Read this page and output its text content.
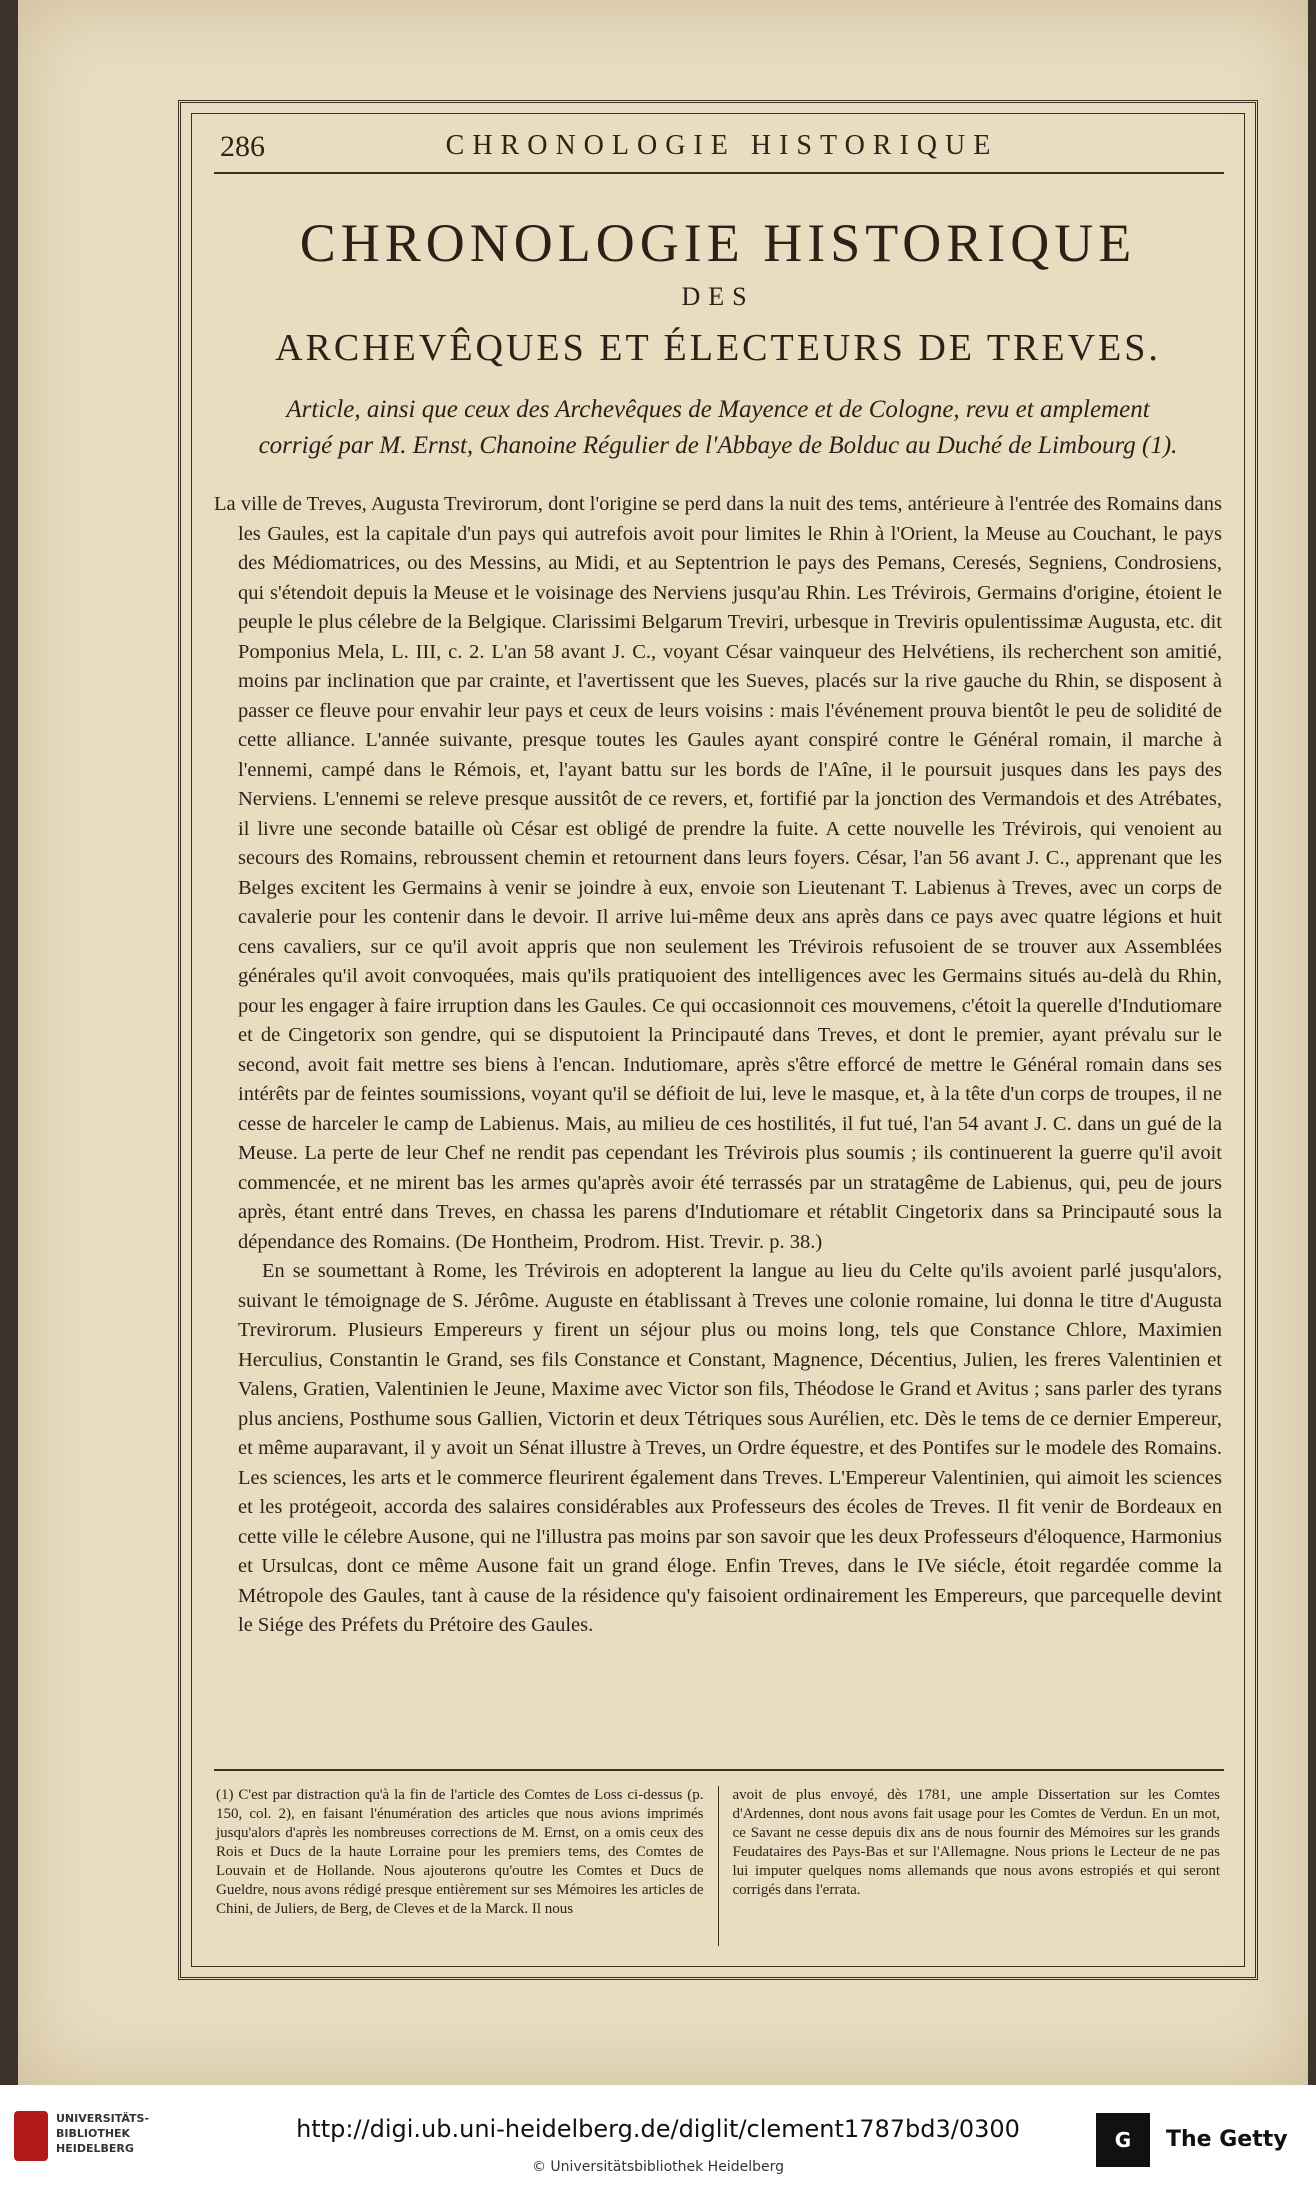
286	CHRONOLOGIE HISTORIQUE
CHRONOLOGIE HISTORIQUE
DES
ARCHEVÊQUES ET ÉLECTEURS DE TREVES.
Article, ainsi que ceux des Archevêques de Mayence et de Cologne, revu et amplement
corrigé par M. Ernst, Chanoine Régulier de l'Abbaye de Bolduc au Duché de Limbourg (1).

La ville de Treves, Augusta Trevirorum, dont l'origine se perd dans la nuit des tems, antérieure à l'entrée des Romains dans les Gaules, est la capitale d'un pays qui autrefois avoit pour limites le Rhin à l'Orient, la Meuse au Couchant, le pays des Médiomatrices, ou des Messins, au Midi, et au Septentrion le pays des Pemans, Ceresés, Segniens, Condrosiens, qui s'étendoit depuis la Meuse et le voisinage des Nerviens jusqu'au Rhin. Les Trévirois, Germains d'origine, étoient le peuple le plus célebre de la Belgique. Clarissimi Belgarum Treviri, urbesque in Treviris opulentissimæ Augusta, etc. dit Pomponius Mela, L. III, c. 2. L'an 58 avant J. C., voyant César vainqueur des Helvétiens, ils recherchent son amitié, moins par inclination que par crainte, et l'avertissent que les Sueves, placés sur la rive gauche du Rhin, se disposent à passer ce fleuve pour envahir leur pays et ceux de leurs voisins : mais l'événement prouva bientôt le peu de solidité de cette alliance. L'année suivante, presque toutes les Gaules ayant conspiré contre le Général romain, il marche à l'ennemi, campé dans le Rémois, et, l'ayant battu sur les bords de l'Aîne, il le poursuit jusques dans les pays des Nerviens. L'ennemi se releve presque aussitôt de ce revers, et, fortifié par la jonction des Vermandois et des Atrébates, il livre une seconde bataille où César est obligé de prendre la fuite. A cette nouvelle les Trévirois, qui venoient au secours des Romains, rebroussent chemin et retournent dans leurs foyers. César, l'an 56 avant J. C., apprenant que les Belges excitent les Germains à venir se joindre à eux, envoie son Lieutenant T. Labienus à Treves, avec un corps de cavalerie pour les contenir dans le devoir. Il arrive lui-même deux ans après dans ce pays avec quatre légions et huit cens cavaliers, sur ce qu'il avoit appris que non seulement les Trévirois refusoient de se trouver aux Assemblées générales qu'il avoit convoquées, mais qu'ils pratiquoient des intelligences avec les Germains situés au-delà du Rhin, pour les engager à faire irruption dans les Gaules. Ce qui occasionnoit ces mouvemens, c'étoit la querelle d'Indutiomare et de Cingetorix son gendre, qui se disputoient la Principauté dans Treves, et dont le premier, ayant prévalu sur le second, avoit fait mettre ses biens à l'encan. Indutiomare, après s'être efforcé de mettre le Général romain dans ses intérêts par de feintes soumissions, voyant qu'il se défioit de lui, leve le masque, et, à la tête d'un corps de troupes, il ne cesse de harceler le camp de Labienus. Mais, au milieu de ces hostilités, il fut tué, l'an 54 avant J. C. dans un gué de la Meuse. La perte de leur Chef ne rendit pas cependant les Trévirois plus soumis ; ils continuerent la guerre qu'il avoit commencée, et ne mirent bas les armes qu'après avoir été terrassés par un stratagême de Labienus, qui, peu de jours après, étant entré dans Treves, en chassa les parens d'Indutiomare et rétablit Cingetorix dans sa Principauté sous la dépendance des Romains. (De Hontheim, Prodrom. Hist. Trevir. p. 38.)

En se soumettant à Rome, les Trévirois en adopterent la langue au lieu du Celte qu'ils avoient parlé jusqu'alors, suivant le témoignage de S. Jérôme. Auguste en établissant à Treves une colonie romaine, lui donna le titre d'Augusta Trevirorum. Plusieurs Empereurs y firent un séjour plus ou moins long, tels que Constance Chlore, Maximien Herculius, Constantin le Grand, ses fils Constance et Constant, Magnence, Décentius, Julien, les freres Valentinien et Valens, Gratien, Valentinien le Jeune, Maxime avec Victor son fils, Théodose le Grand et Avitus ; sans parler des tyrans plus anciens, Posthume sous Gallien, Victorin et deux Tétriques sous Aurélien, etc. Dès le tems de ce dernier Empereur, et même auparavant, il y avoit un Sénat illustre à Treves, un Ordre équestre, et des Pontifes sur le modele des Romains. Les sciences, les arts et le commerce fleurirent également dans Treves. L'Empereur Valentinien, qui aimoit les sciences et les protégeoit, accorda des salaires considérables aux Professeurs des écoles de Treves. Il fit venir de Bordeaux en cette ville le célebre Ausone, qui ne l'illustra pas moins par son savoir que les deux Professeurs d'éloquence, Harmonius et Ursulcas, dont ce même Ausone fait un grand éloge. Enfin Treves, dans le IVe siécle, étoit regardée comme la Métropole des Gaules, tant à cause de la résidence qu'y faisoient ordinairement les Empereurs, que parcequelle devint le Siége des Préfets du Prétoire des Gaules.

(1) C'est par distraction qu'à la fin de l'article des Comtes de Loss ci-dessus (p. 150, col. 2), en faisant l'énumération des articles que nous avions imprimés jusqu'alors d'après les nombreuses corrections de M. Ernst, on a omis ceux des Rois et Ducs de la haute Lorraine pour les premiers tems, des Comtes de Louvain et de Hollande. Nous ajouterons qu'outre les Comtes et Ducs de Gueldre, nous avons rédigé presque entièrement sur ses Mémoires les articles de Chini, de Juliers, de Berg, de Cleves et de la Marck. Il nous
avoit de plus envoyé, dès 1781, une ample Dissertation sur les Comtes d'Ardennes, dont nous avons fait usage pour les Comtes de Verdun. En un mot, ce Savant ne cesse depuis dix ans de nous fournir des Mémoires sur les grands Feudataires des Pays-Bas et sur l'Allemagne. Nous prions le Lecteur de ne pas lui imputer quelques noms allemands que nous avons estropiés et qui seront corrigés dans l'errata.
UNIVERSITÄTS-
BIBLIOTHEK
HEIDELBERG
http://digi.ub.uni-heidelberg.de/diglit/clement1787bd3/0300
© Universitätsbibliothek Heidelberg
G	The Getty
